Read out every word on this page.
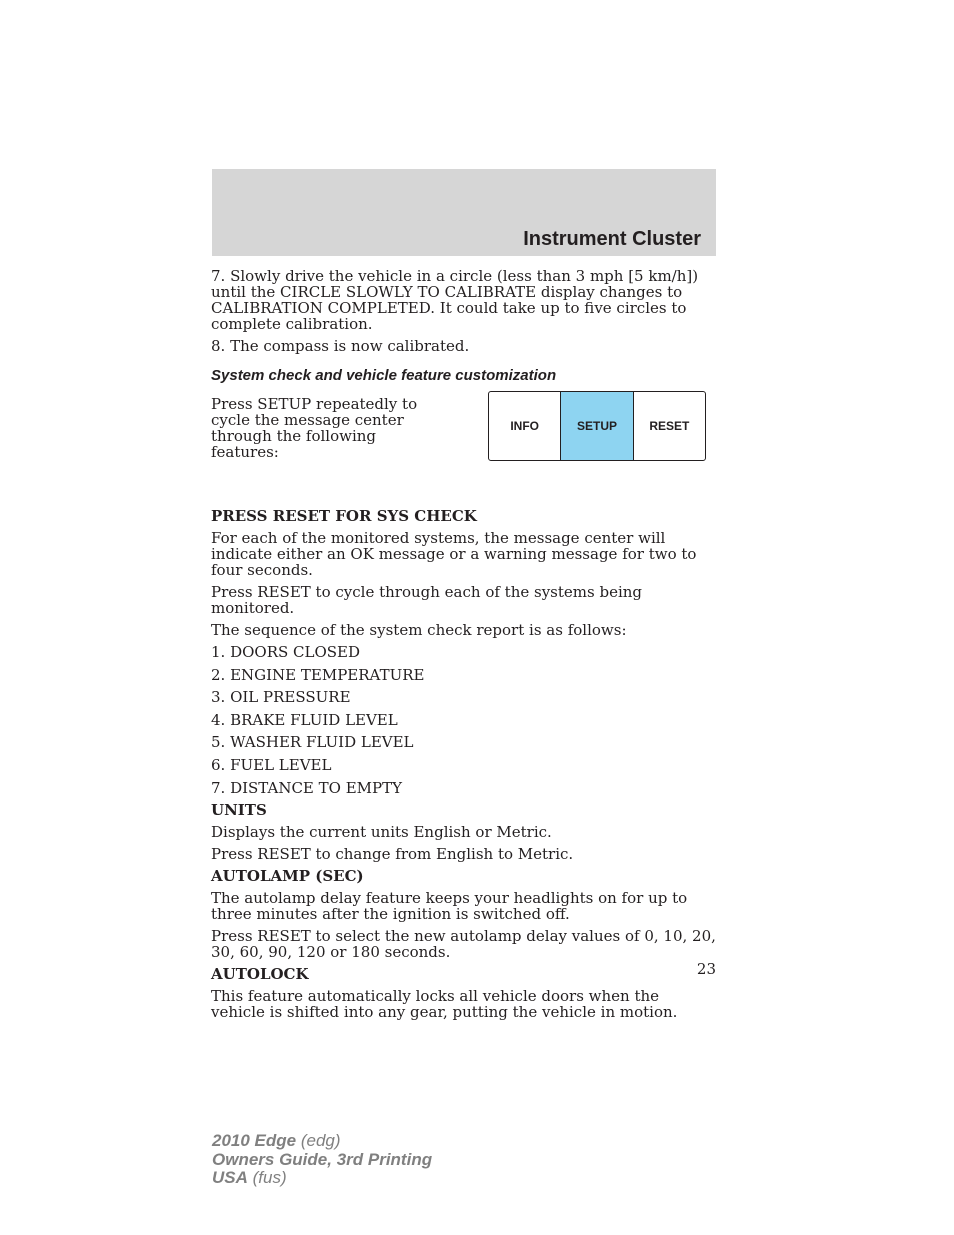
Instrument Cluster

7. Slowly drive the vehicle in a circle (less than 3 mph [5 km/h]) until the CIRCLE SLOWLY TO CALIBRATE display changes to CALIBRATION COMPLETED. It could take up to five circles to complete calibration.

8. The compass is now calibrated.

System check and vehicle feature customization

Press SETUP repeatedly to cycle the message center through the following features:

INFO	SETUP	RESET

PRESS RESET FOR SYS CHECK

For each of the monitored systems, the message center will indicate either an OK message or a warning message for two to four seconds.

Press RESET to cycle through each of the systems being monitored.

The sequence of the system check report is as follows:

1. DOORS CLOSED

2. ENGINE TEMPERATURE

3. OIL PRESSURE

4. BRAKE FLUID LEVEL

5. WASHER FLUID LEVEL

6. FUEL LEVEL

7. DISTANCE TO EMPTY

UNITS

Displays the current units English or Metric.

Press RESET to change from English to Metric.

AUTOLAMP (SEC)

The autolamp delay feature keeps your headlights on for up to three minutes after the ignition is switched off.

Press RESET to select the new autolamp delay values of 0, 10, 20, 30, 60, 90, 120 or 180 seconds.

AUTOLOCK

This feature automatically locks all vehicle doors when the vehicle is shifted into any gear, putting the vehicle in motion.

23
2010 Edge (edg)
Owners Guide, 3rd Printing
USA (fus)
